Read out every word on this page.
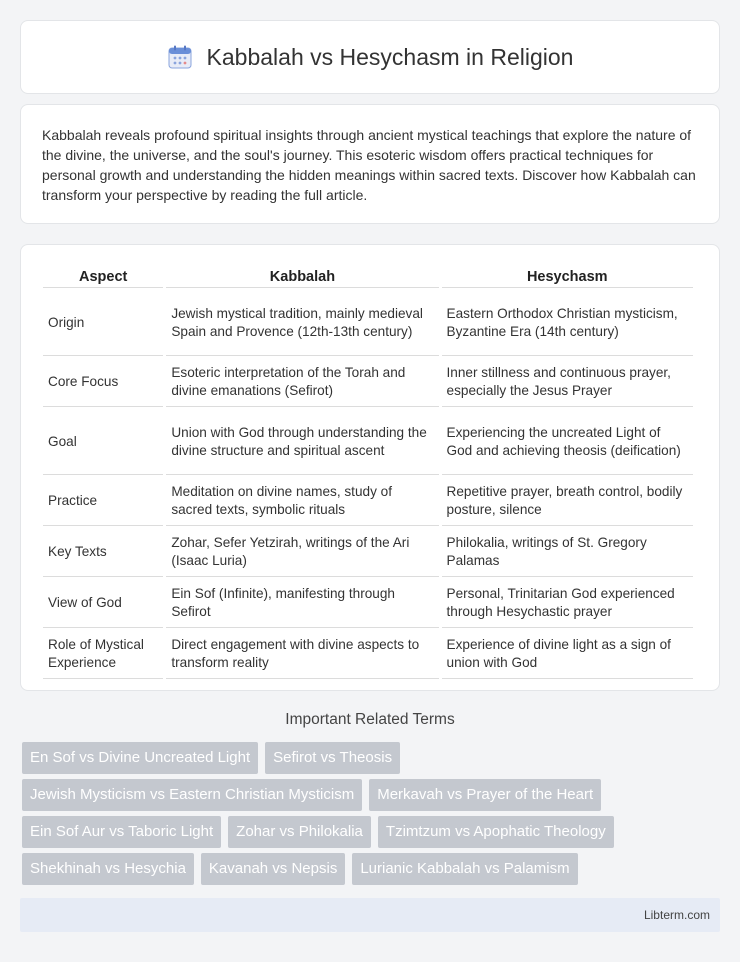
Kabbalah vs Hesychasm in Religion

Kabbalah reveals profound spiritual insights through ancient mystical teachings that explore the nature of the divine, the universe, and the soul's journey. This esoteric wisdom offers practical techniques for personal growth and understanding the hidden meanings within sacred texts. Discover how Kabbalah can transform your perspective by reading the full article.

Aspect	Kabbalah	Hesychasm
Origin	Jewish mystical tradition, mainly medieval Spain and Provence (12th-13th century)	Eastern Orthodox Christian mysticism, Byzantine Era (14th century)
Core Focus	Esoteric interpretation of the Torah and divine emanations (Sefirot)	Inner stillness and continuous prayer, especially the Jesus Prayer
Goal	Union with God through understanding the divine structure and spiritual ascent	Experiencing the uncreated Light of God and achieving theosis (deification)
Practice	Meditation on divine names, study of sacred texts, symbolic rituals	Repetitive prayer, breath control, bodily posture, silence
Key Texts	Zohar, Sefer Yetzirah, writings of the Ari (Isaac Luria)	Philokalia, writings of St. Gregory Palamas
View of God	Ein Sof (Infinite), manifesting through Sefirot	Personal, Trinitarian God experienced through Hesychastic prayer
Role of Mystical Experience	Direct engagement with divine aspects to transform reality	Experience of divine light as a sign of union with God
Important Related Terms
En Sof vs Divine Uncreated Light	Sefirot vs Theosis
Jewish Mysticism vs Eastern Christian Mysticism	Merkavah vs Prayer of the Heart
Ein Sof Aur vs Taboric Light	Zohar vs Philokalia	Tzimtzum vs Apophatic Theology
Shekhinah vs Hesychia	Kavanah vs Nepsis	Lurianic Kabbalah vs Palamism
Libterm.com
